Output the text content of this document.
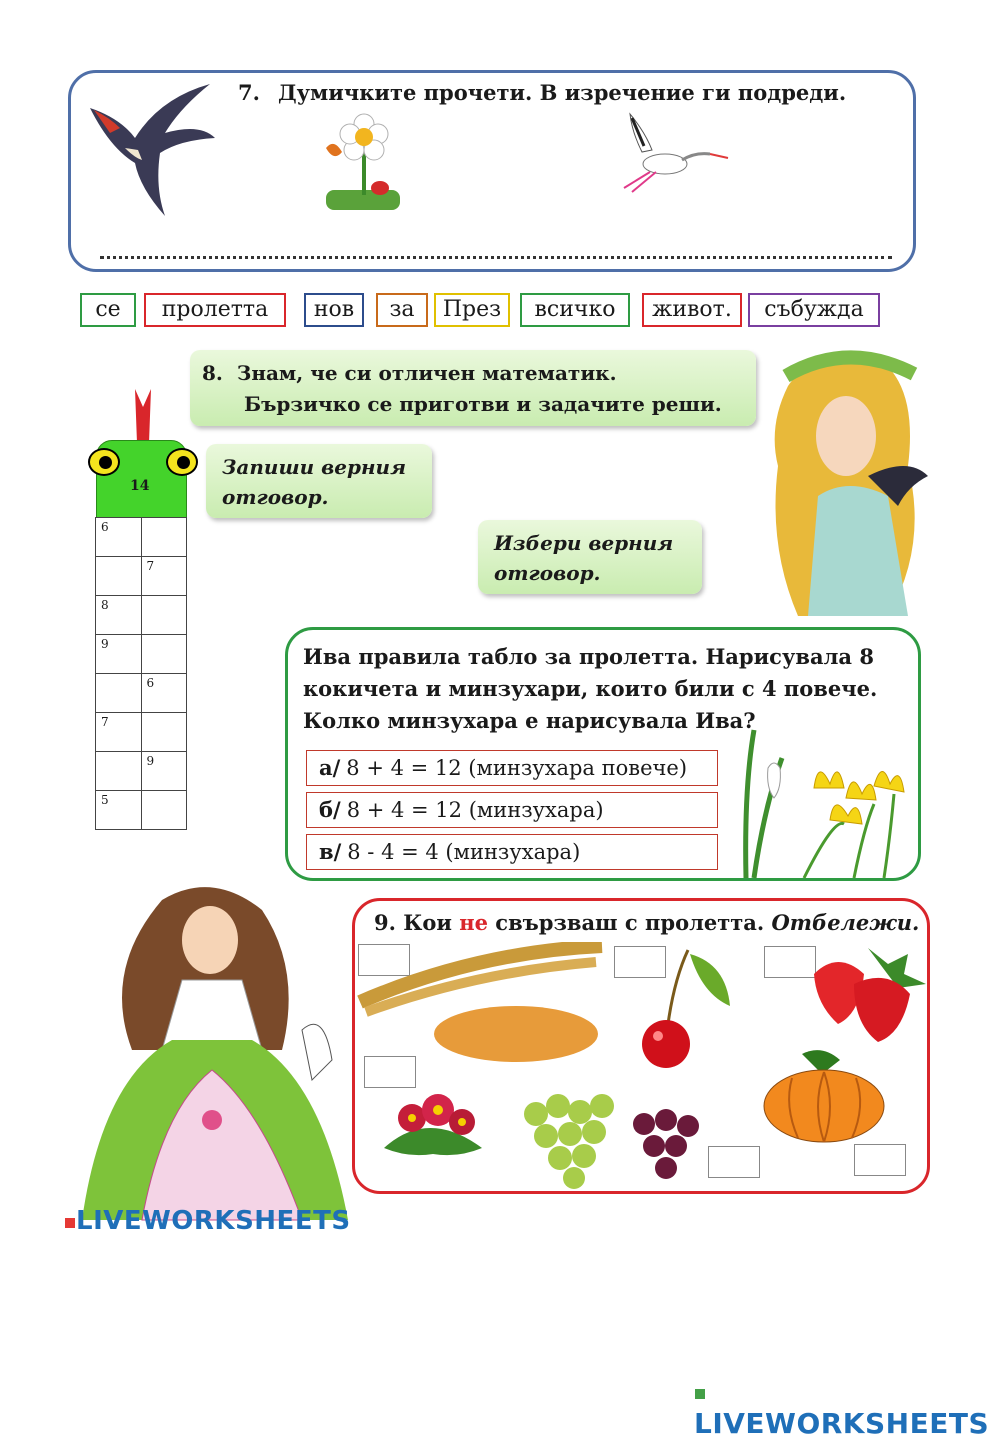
7. Думичките прочети. В изречение ги подреди.
се	пролетта	нов	за	През	всичко	живот.	събужда
8. Знам, че си отличен математик.
Бързичко се приготви и задачите реши.
14
6	
	7
8	
9	
	6
7	
	9
5	
Запиши верния отговор.
Избери верния отговор.
Ива правила табло за пролетта. Нарисувала 8
кокичета и минзухари, които били с 4 повече.
Колко минзухара е нарисувала Ива?
а/ 8 + 4 = 12 (минзухара повече)
б/ 8 + 4 = 12 (минзухара)
в/ 8 - 4 = 4 (минзухара)
LIVEWORKSHEETS
9. Кои не свързваш с пролетта. Отбележи.
LIVEWORKSHEETS
